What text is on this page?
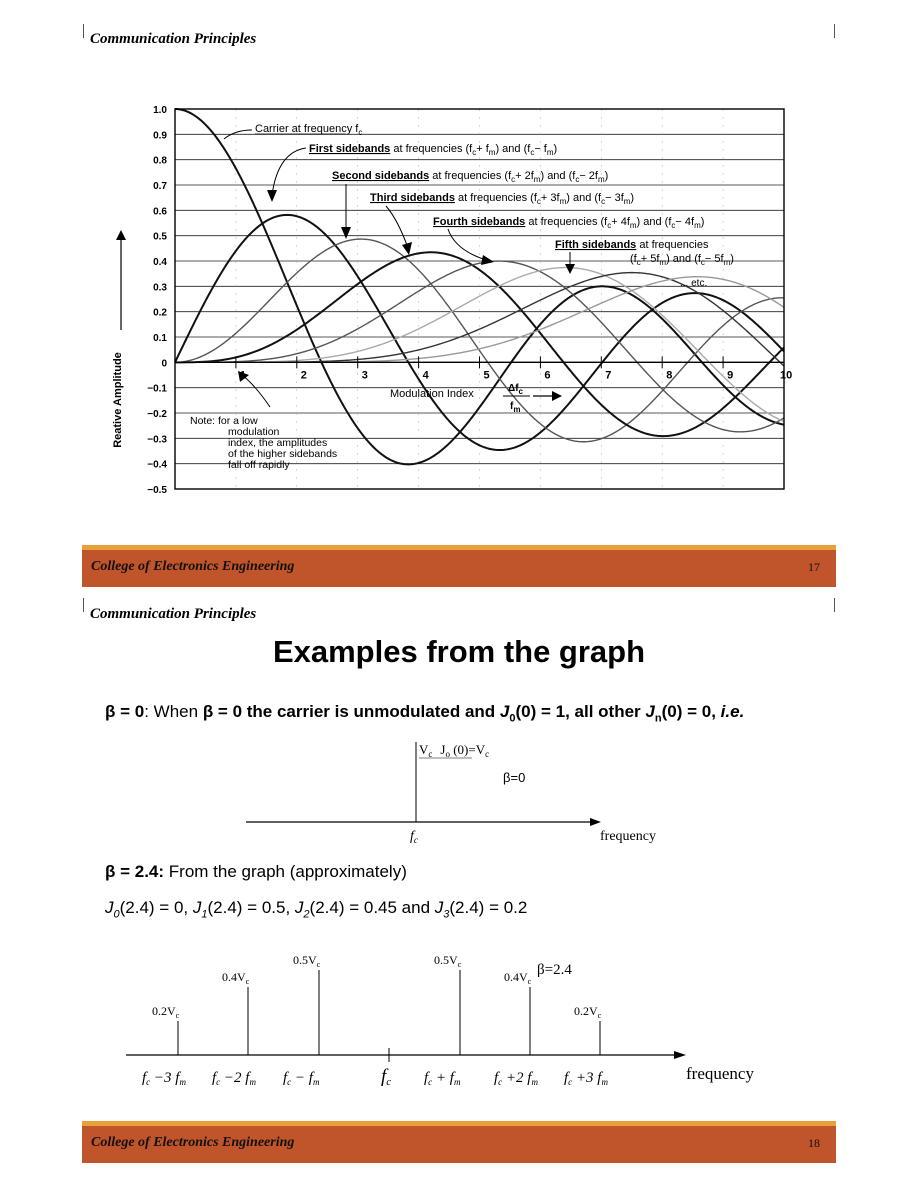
Communication Principles
1.0
0.9
0.8
0.7
0.6
0.5
0.4
0.3
0.2
0.1
0
−0.1
−0.2
−0.3
−0.4
−0.5
2	3	4	5	6	7	8	9	10
Reative Amplitude
Carrier at frequency $f_c$
First sidebands at frequencies $(f_c+ f_m)$ and $(f_c- f_m)$
Second sidebands at frequencies $(f_c+ 2f_m)$ and $(f_c- 2f_m)$
Third sidebands at frequencies $(f_c+ 3f_m)$ and $(f_c- 3f_m)$
Fourth sidebands at frequencies $(f_c+ 4f_m)$ and $(f_c- 4f_m)$
Fifth sidebands at frequencies
$(f_c+ 5f_m)$ and $(f_c- 5f_m)$
... etc.
Modulation Index	$\Delta f_c$
$f_m$
Note: for a low
modulation
index, the amplitudes
of the higher sidebands
fall off rapidly
College of Electronics Engineering	17
Communication Principles
Examples from the graph
β = 0: When β = 0 the carrier is unmodulated and $J_0(0) = 1$, all other $J_n(0) = 0$, i.e.
$V_c$ $J_o$ $(0)=V_c$
β=0
$f_c$	frequency
β = 2.4: From the graph (approximately)
$J_0(2.4) = 0$, $J_1(2.4) = 0.5$, $J_2(2.4) = 0.45$ and $J_3(2.4) = 0.2$
β=2.4
frequency
$0.2V_c$
$f_c -3$ $f_m$
$0.4V_c$
$f_c -2$ $f_m$
$0.5V_c$
$f_c - f_m$	fc
$0.5V_c$
$f_c + f_m$
$0.4V_c$
$f_c +2$ $f_m$
$0.2V_c$
$f_c +3$ $f_m$
College of Electronics Engineering	18
